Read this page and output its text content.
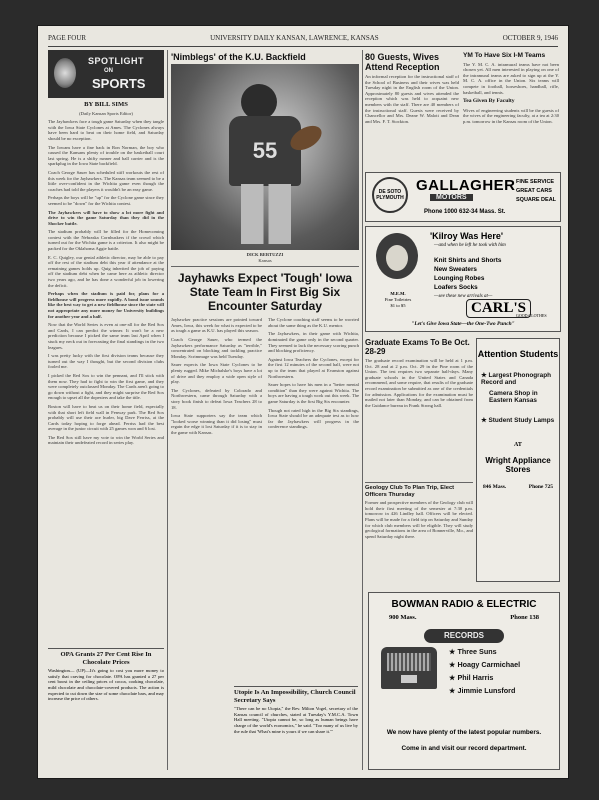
PAGE FOUR	UNIVERSITY DAILY KANSAN, LAWRENCE, KANSAS	OCTOBER 9, 1946
SPOTLIGHT
ON
SPORTS
BY BILL SIMS
(Daily Kansan Sports Editor)

The Jayhawkers face a tough game Saturday when they tangle with the Iowa State Cyclones at Ames. The Cyclones always have been hard to beat on their home field, and Saturday should be no exception.

The Iowans have a fine back in Ron Norman, the boy who caused the Kansans plenty of trouble on the basketball court last spring. He is a shifty runner and ball carrier and is the sparkplug in the Iowa State backfield.

Coach George Sauer has scheduled stiff workouts the rest of this week for the Jayhawkers. The Kansas team seemed to be a little over-confident in the Wichita game even though the coaches had told the players it wouldn't be an easy game.

Perhaps the boys will be "up" for the Cyclone game since they seemed to be "down" for the Wichita contest.

The Jayhawkers will have to show a lot more fight and drive to win the game Saturday than they did in the Shocker battle.

The stadium probably will be filled for the Homecoming contest with the Nebraska Cornhuskers if the crowd which turned out for the Wichita game is a criterion. It also might be packed for the Oklahoma Aggie battle.

E. C. Quigley, our genial athletic director, may be able to pay off the rest of the stadium debt this year if attendance at the remaining games holds up. Quig inherited the job of paying off the stadium debt when he came here as athletic director two years ago, and he has done a wonderful job in lowering the deficit.

Perhaps when the stadium is paid for, plans for a fieldhouse will progress more rapidly. A bond issue sounds like the best way to get a new fieldhouse since the state will not appropriate any more money for University buildings for another year and a half.

Now that the World Series is even at one-all for the Red Sox and Cards, I can predict the winner. It won't be a new prediction because I picked the same team last April when I stuck my neck out in forecasting the final standings in the two leagues.

I was pretty lucky with the first division teams because they turned out the way I thought, but the second division clubs fooled me.

I picked the Red Sox to win the pennant, and I'll stick with them now. They had to fight to win the first game, and they were completely outclassed Monday. The Cards aren't going to go down without a fight, and they might surprise the Red Sox enough to upset all the dopesters and take the title.

Boston will have to beat us on their home field, especially with that short left field wall in Fenway park. The Red Sox probably will use their ace hurler, big Dave Ferriss, at the Cards today hoping to forge ahead. Ferriss had the best average in the junior circuit with 25 games won and 6 lost.

The Red Sox still have my vote to win the World Series and maintain their undefeated record in series play.

OPA Grants 27 Per Cent Rise In Chocolate Prices

Washington— (UP)—It's going to cost you more money to satisfy that craving for chocolate. OPA has granted a 27 per cent boost in the ceiling prices of cocoa, cooking chocolate, mild chocolate and chocolate-covered products. The action is expected to cut down the size of some chocolate bars, and may increase the price of others.

'Nimblegs' of the K.U. Backfield
55
DICK BERTUZZI
Kansas
Jayhawks Expect 'Tough' Iowa State Team In First Big Six Encounter Saturday

Jayhawker practice sessions are pointed toward Ames, Iowa, this week for what is expected to be as tough a game as K.U. has played this season.

Coach George Sauer, who termed the Jayhawkers performance Saturday as "terrible," concentrated on blocking and tackling practice Monday. Scrimmage was held Tuesday.

Sauer expects the Iowa State Cyclones to be plenty rugged. Mike Michalske's boys have a lot of drive and they employ a wide open style of play.

The Cyclones, defeated by Colorado and Northwestern, came through Saturday with a story book finish to defeat Iowa Teachers 28 to 18.

Iowa State supporters say the team which "looked worse winning than it did losing" must regain the edge it lost Saturday if it is to stay in the game with Kansas.

The Cyclone coaching staff seems to be worried about the same thing as the K.U. mentor.

The Jayhawkers, in their game with Wichita, dominated the game only in the second quarter. They seemed to lack the necessary scoring punch and blocking proficiency.

Against Iowa Teachers the Cyclones, except for the first 12 minutes of the second half, were not up to the team that played at Evanston against Northwestern.

Sauer hopes to have his men in a "better mental condition" than they were against Wichita. The boys are having a tough work out this week. The game Saturday is the first Big Six encounter.

Though not rated high in the Big Six standings, Iowa State should be an adequate test as to how far the Jayhawkers will progress in the conference standings.

Utopie Is An Impossibility, Church Council Secretary Says

"There can be no Utopia," the Rev. Milton Vogel, secretary of the Kansas council of churches, stated at Tuesday's Y.M.C.A. Town Hall meeting. "Utopia cannot be, so long as human beings have charge of the world's economics," he said. "Too many of us live by the rule that 'What's mine is yours if we can share it.'"

80 Guests, Wives Attend Reception

An informal reception for the instructional staff of the School of Business and their wives was held Tuesday night in the English room of the Union. Approximately 80 guests and wives attended the reception which was held to acquaint new members with the staff. There are 40 members of the instructional staff. Guests were received by Chancellor and Mrs. Deane W. Malott and Dean and Mrs. F. T. Stockton.

YM To Have Six I-M Teams

The Y. M. C. A. intramural teams have not been chosen yet. All men interested in playing on one of the intramural teams are asked to sign up at the Y. M. C. A. office in the Union. Six teams will compete in football, horseshoes, handball, rifle, basketball, and tennis.

Tea Given By Faculty

Wives of engineering students will be the guests of the wives of the engineering faculty, at a tea at 2:30 p.m. tomorrow in the Kansas room of the Union.

DE SOTO PLYMOUTH
GALLAGHER
MOTORS
FINE SERVICE
GREAT CARS
SQUARE DEAL
Phone 1000 632-34 Mass. St.
M.E.M.
Fine Toiletries
$1 to $5
'Kilroy Was Here'
—and when he left he took with him
Knit Shirts and Shorts
New Sweaters
Lounging Robes
Loafers Socks
—see these new arrivals at—
CARL'S
GOOD CLOTHES
"Let's Give Iowa State—the One-Two Punch"
Graduate Exams To Be Oct. 28-29

The graduate record examination will be held at 1 p.m. Oct. 28 and at 2 p.m. Oct. 29 in the Pine room of the Union. The test requires two separate half-days. Many graduate schools in the United States and Canada recommend, and some require, that results of the graduate record examination be submitted as one of the credentials for admission. Applications for the examination must be mailed not later than Monday, and can be obtained from the Guidance bureau in Frank Strong hall.

Geology Club To Plan Trip, Elect Officers Thursday

Former and prospective members of the Geology club will hold their first meeting of the semester at 7:30 p.m. tomorrow in 426 Lindley hall. Officers will be elected. Plans will be made for a field trip on Saturday and Sunday for which club members will be eligible. They will study geological formations in the area of Bonnerville, Mo., and spend Saturday night there.

Attention Students
★ Largest Phonograph Record and
Camera Shop in Eastern Kansas
★ Student Study Lamps
AT
Wright Appliance Stores
846 Mass.	Phone 725
BOWMAN RADIO & ELECTRIC
900 Mass.	Phone 138
RECORDS
★ Three Suns
★ Hoagy Carmichael
★ Phil Harris
★ Jimmie Lunsford
We now have plenty of the latest popular numbers.
Come in and visit our record department.
